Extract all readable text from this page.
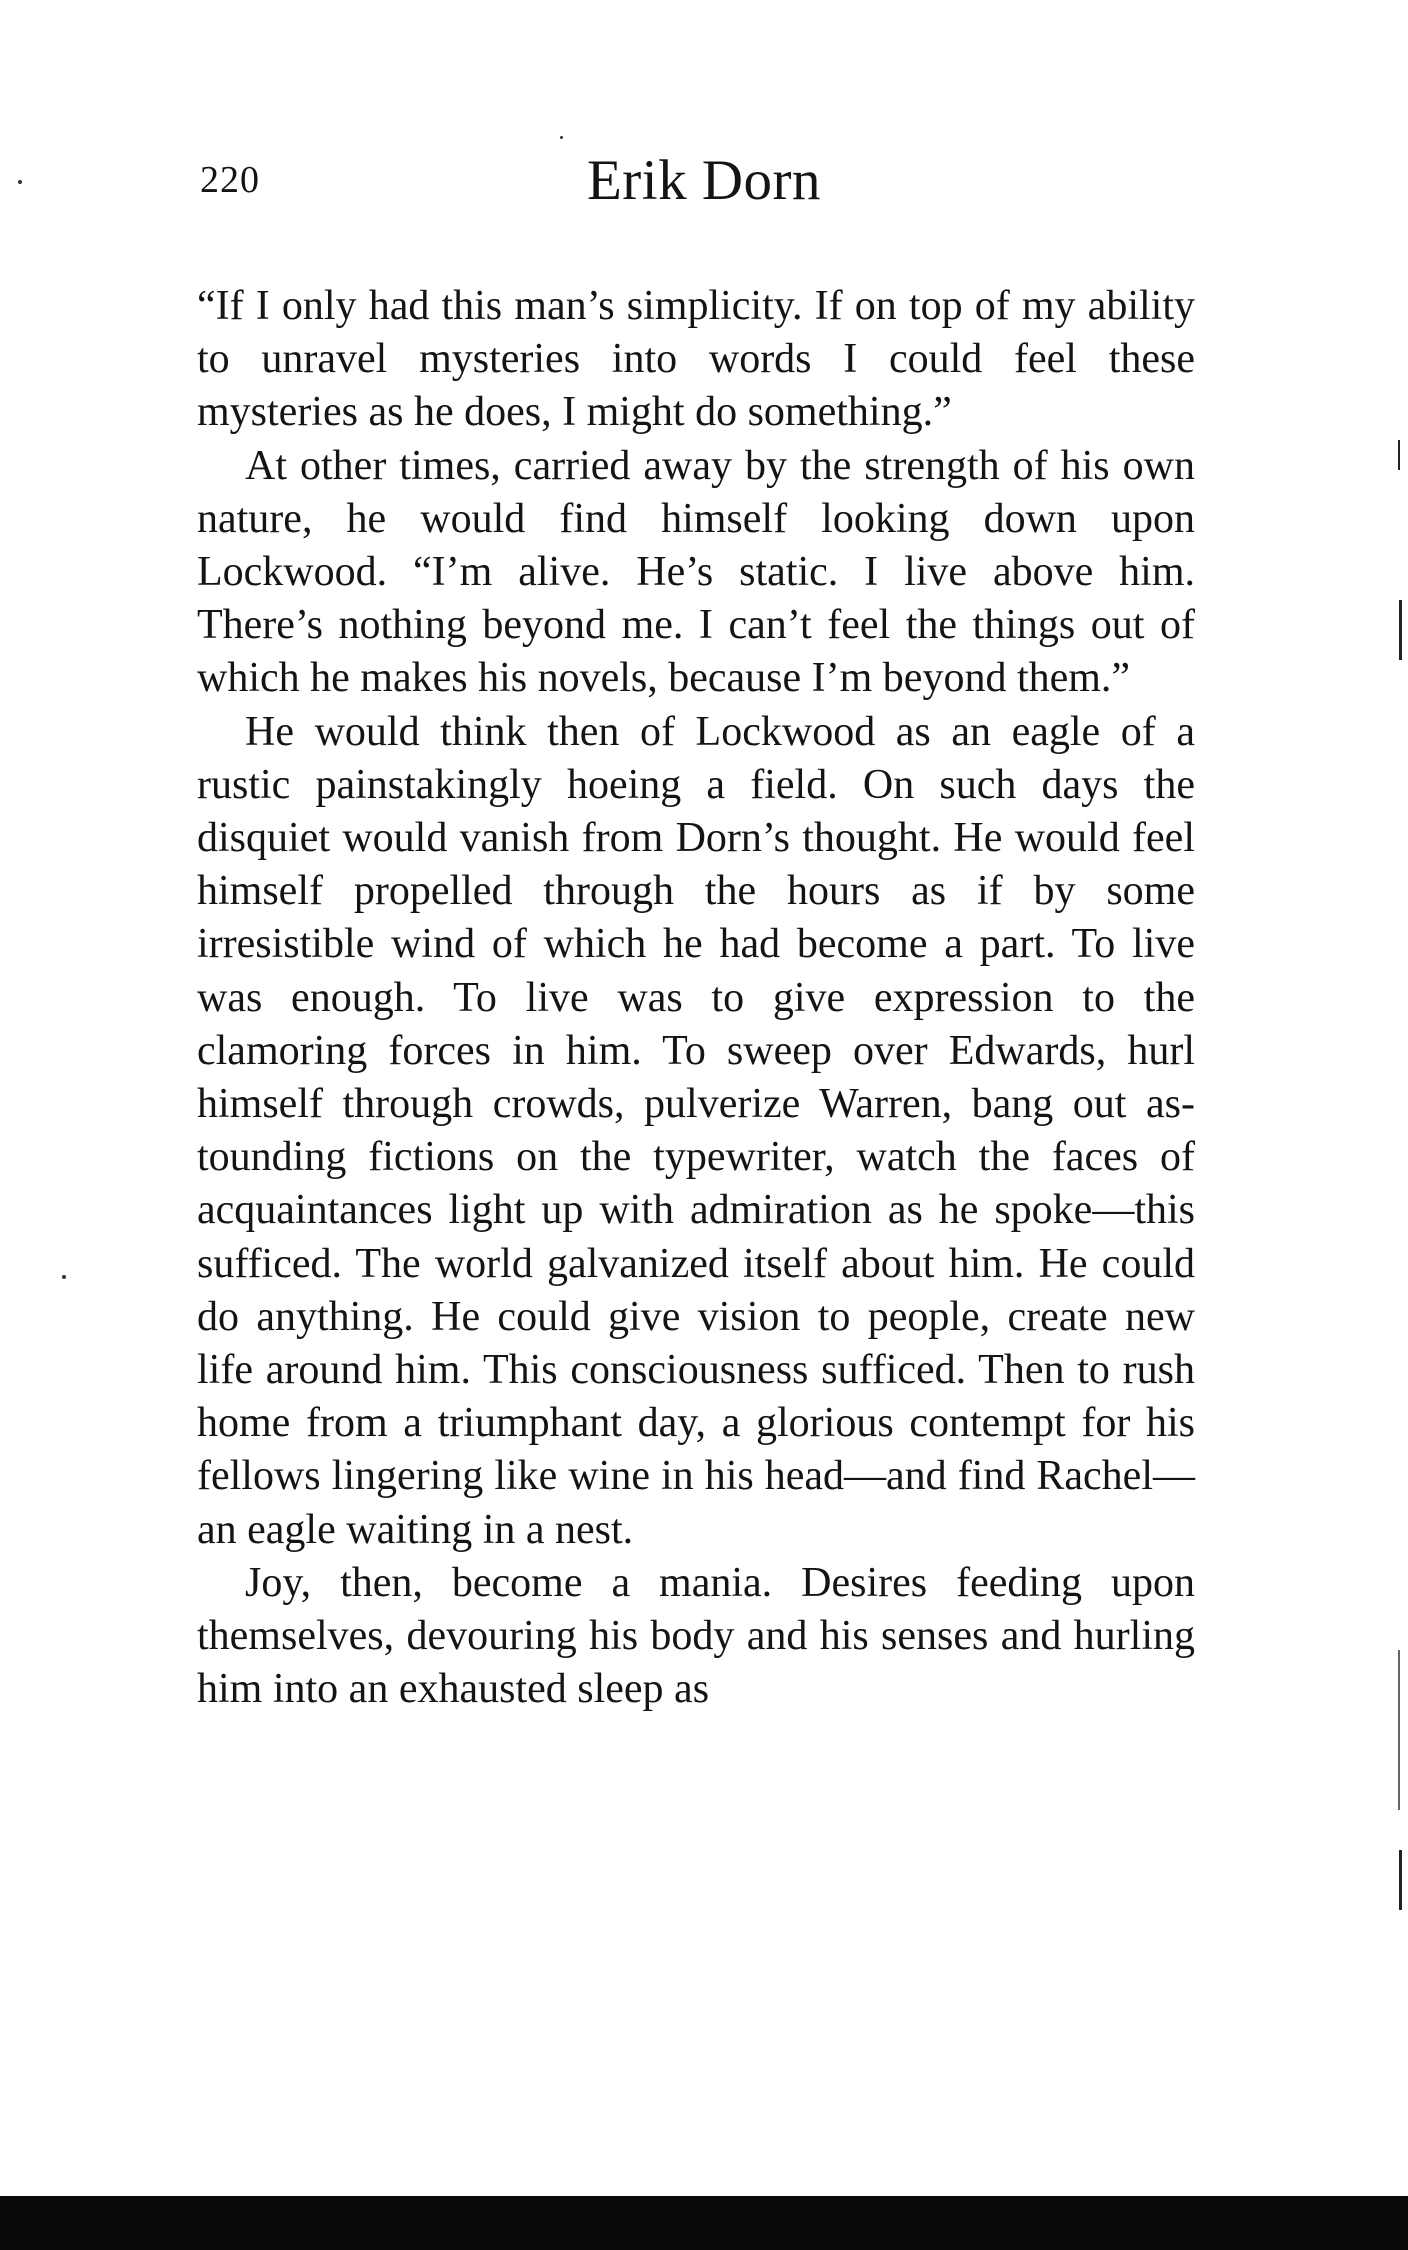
220	Erik Dorn

“If I only had this man’s simplicity. If on top of my ability to unravel mysteries into words I could feel these mysteries as he does, I might do something.”

At other times, carried away by the strength of his own nature, he would find himself looking down upon Lockwood. “I’m alive. He’s static. I live above him. There’s nothing beyond me. I can’t feel the things out of which he makes his novels, because I’m beyond them.”

He would think then of Lockwood as an eagle of a rustic painstakingly hoeing a field. On such days the disquiet would vanish from Dorn’s thought. He would feel himself propelled through the hours as if by some irresistible wind of which he had become a part. To live was enough. To live was to give expression to the clamoring forces in him. To sweep over Edwards, hurl himself through crowds, pulverize Warren, bang out astounding fictions on the typewriter, watch the faces of acquaintances light up with admiration as he spoke—this sufficed. The world galvanized itself about him. He could do anything. He could give vision to people, create new life around him. This consciousness sufficed. Then to rush home from a triumphant day, a glorious contempt for his fellows lingering like wine in his head—and find Rachel—an eagle waiting in a nest.

Joy, then, become a mania. Desires feeding upon themselves, devouring his body and his senses and hurling him into an exhausted sleep as
